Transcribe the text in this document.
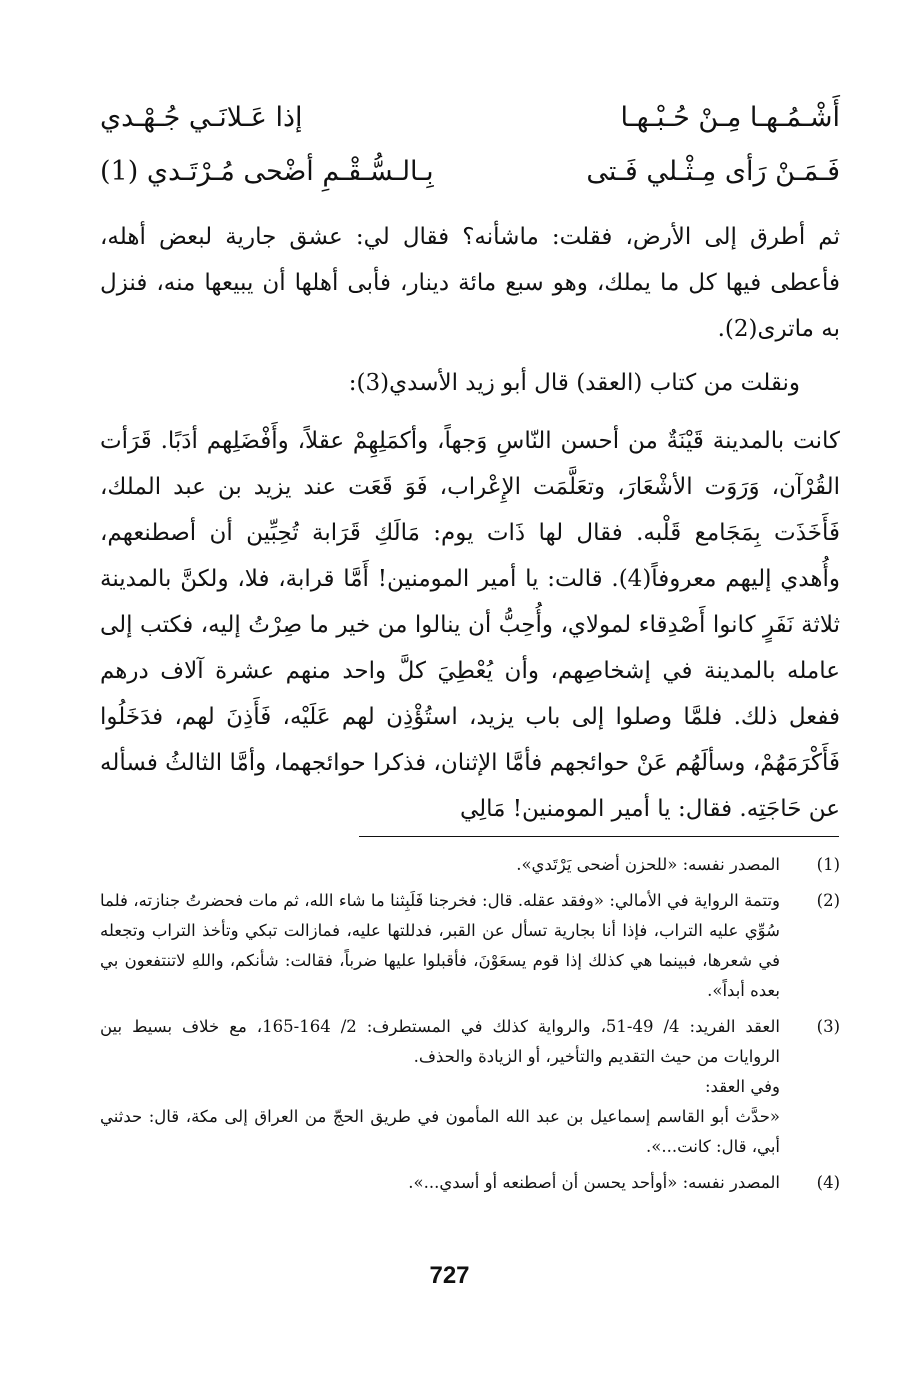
أَشْـمُـهـا مِـنْ حُـبْـهـا
إذا عَـلانَـي جُـهْـدي
فَـمَـنْ رَأى مِـثْـلي فَـتى
بِـالـسُّـقْـمِ أضْحى مُـرْتَـدي (1)

ثم أطرق إلى الأرض، فقلت: ماشأنه؟ فقال لي: عشق جارية لبعض أهله، فأعطى فيها كل ما يملك، وهو سبع مائة دينار، فأبى أهلها أن يبيعها منه، فنزل به ماترى(2).

ونقلت من كتاب (العقد) قال أبو زيد الأسدي(3):

كانت بالمدينة قَيْنَةٌ من أحسن النّاسِ وَجهاً، وأكمَلِهِمْ عقلاً، وأَفْضَلِهم أدَبًا. قَرَأت القُرْآن، وَرَوَت الأشْعَارَ، وتعَلَّمَت الإِعْراب، فَوَ قَعَت عند يزيد بن عبد الملك، فَأَخَذَت بِمَجَامع قَلْبه. فقال لها ذَات يوم: مَالَكِ قَرَابة تُحِبِّين أن أصطنعهم، وأُهدي إليهم معروفاً(4). قالت: يا أمير المومنين! أَمَّا قرابة، فلا، ولكنَّ بالمدينة ثلاثة نَفَرٍ كانوا أَصْدِقاء لمولاي، وأُحِبُّ أن ينالوا من خير ما صِرْتُ إليه، فكتب إلى عامله بالمدينة في إشخاصِهم، وأن يُعْطِيَ كلَّ واحد منهم عشرة آلاف درهم ففعل ذلك. فلمَّا وصلوا إلى باب يزيد، استُؤْذِن لهم عَلَيْه، فَأَذِنَ لهم، فدَخَلُوا فَأَكْرَمَهُمْ، وسألَهُم عَنْ حوائجهم فأمَّا الإثنان، فذكرا حوائجهما، وأمَّا الثالثُ فسأله عن حَاجَتِه. فقال: يا أمير المومنين! مَالِي

(1)
المصدر نفسه: «للحزن أضحى يَرْتَدي».
(2)
وتتمة الرواية في الأمالي: «وفقد عقله. قال: فخرجنا فَلَبِثنا ما شاء الله، ثم مات فحضرتُ جنازته، فلما سُوِّي عليه التراب، فإذا أنا بجارية تسأل عن القبر، فدللتها عليه، فمازالت تبكي وتأخذ التراب وتجعله في شعرها، فبينما هي كذلك إذا قوم يسعَوْنَ، فأقبلوا عليها ضرباً، فقالت: شأنكم، واللهِ لاتنتفعون بي بعده أبداً».
(3)
العقد الفريد: 4/ 49-51، والرواية كذلك في المستطرف: 2/ 164-165، مع خلاف بسيط بين الروايات من حيث التقديم والتأخير، أو الزيادة والحذف.
وفي العقد:
«حدَّث أبو القاسم إسماعيل بن عبد الله المأمون في طريق الحجّ من العراق إلى مكة، قال: حدثني أبي، قال: كانت...».
(4)
المصدر نفسه: «أوأحد يحسن أن أصطنعه أو أسدي...».
727
